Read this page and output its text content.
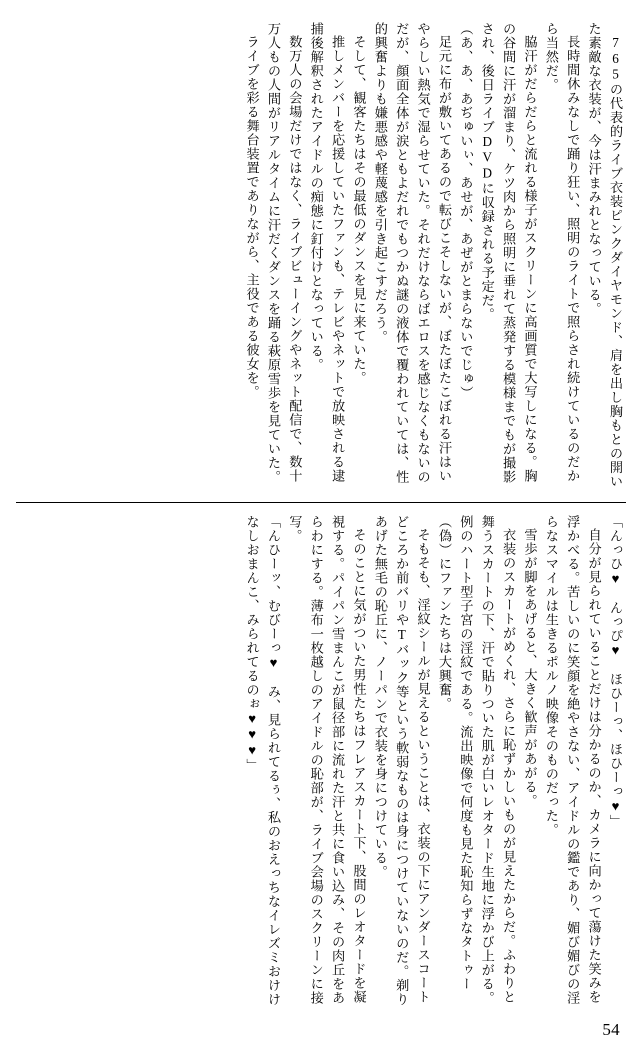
765の代表的ライブ衣装ピンクダイヤモンド、肩を出し胸もとの開いた素敵な衣装が、今は汗まみれとなっている。

長時間休みなしで踊り狂い、照明のライトで照らされ続けているのだから当然だ。

脇汗がだらだらと流れる様子がスクリーンに高画質で大写しになる。胸の谷間に汗が溜まり、ケツ肉から照明に垂れて蒸発する模様までもが撮影され、後日ライブDVDに収録される予定だ。

（あ、あ、あぢゅいぃ、あせが、あぜがとまらないでじゅ）

足元に布が敷いてあるので転びこそしないが、ぼたぼたこぼれる汗はいやらしい熱気で湿らせていた。それだけならばエロスを感じなくもないのだが、顔面全体が涙ともよだれでもつかぬ謎の液体で覆われていては、性的興奮よりも嫌悪感や軽蔑感を引き起こすだろう。

そして、観客たちはその最低のダンスを見に来ていた。

推しメンバーを応援していたファンも、テレビやネットで放映される逮捕後解釈されたアイドルの痴態に釘付けとなっている。

数万人の会場だけではなく、ライブビューイングやネット配信で、数十万人もの人間がリアルタイムに汗だくダンスを踊る萩原雪歩を見ていた。

ライブを彩る舞台装置でありながら、主役である彼女を。

「んっひ♥　んっぴ♥　ほひーっ、ほひーっ♥」

自分が見られていることだけは分かるのか、カメラに向かって蕩けた笑みを浮かべる。苦しいのに笑顔を絶やさない、アイドルの鑑であり、媚び媚びの淫らなスマイルは生きるポルノ映像そのものだった。

雪歩が脚をあげると、大きく歓声があがる。

衣装のスカートがめくれ、さらに恥ずかしいものが見えたからだ。ふわりと舞うスカートの下、汗で貼りついた肌が白いレオタード生地に浮かび上がる。例のハート型子宮の淫紋である。流出映像で何度も見た恥知らずなタトゥー（偽）にファンたちは大興奮。

そもそも、淫紋シールが見えるということは、衣装の下にアンダースコートどころか前バリやTバック等という軟弱なものは身につけていないのだ。剃りあげた無毛の恥丘に、ノーパンで衣装を身につけている。

そのことに気がついた男性たちはフレアスカート下、股間のレオタードを凝視する。パイパン雪まんこが鼠径部に流れた汗と共に食い込み、その肉丘をあらわにする。薄布一枚越しのアイドルの恥部が、ライブ会場のスクリーンに接写。

「んひーッ、むびーっ♥　み、見られてるぅ、私のおえっちなイレズミおけけなしおまんこ、みられてるのぉ♥♥♥」

54
